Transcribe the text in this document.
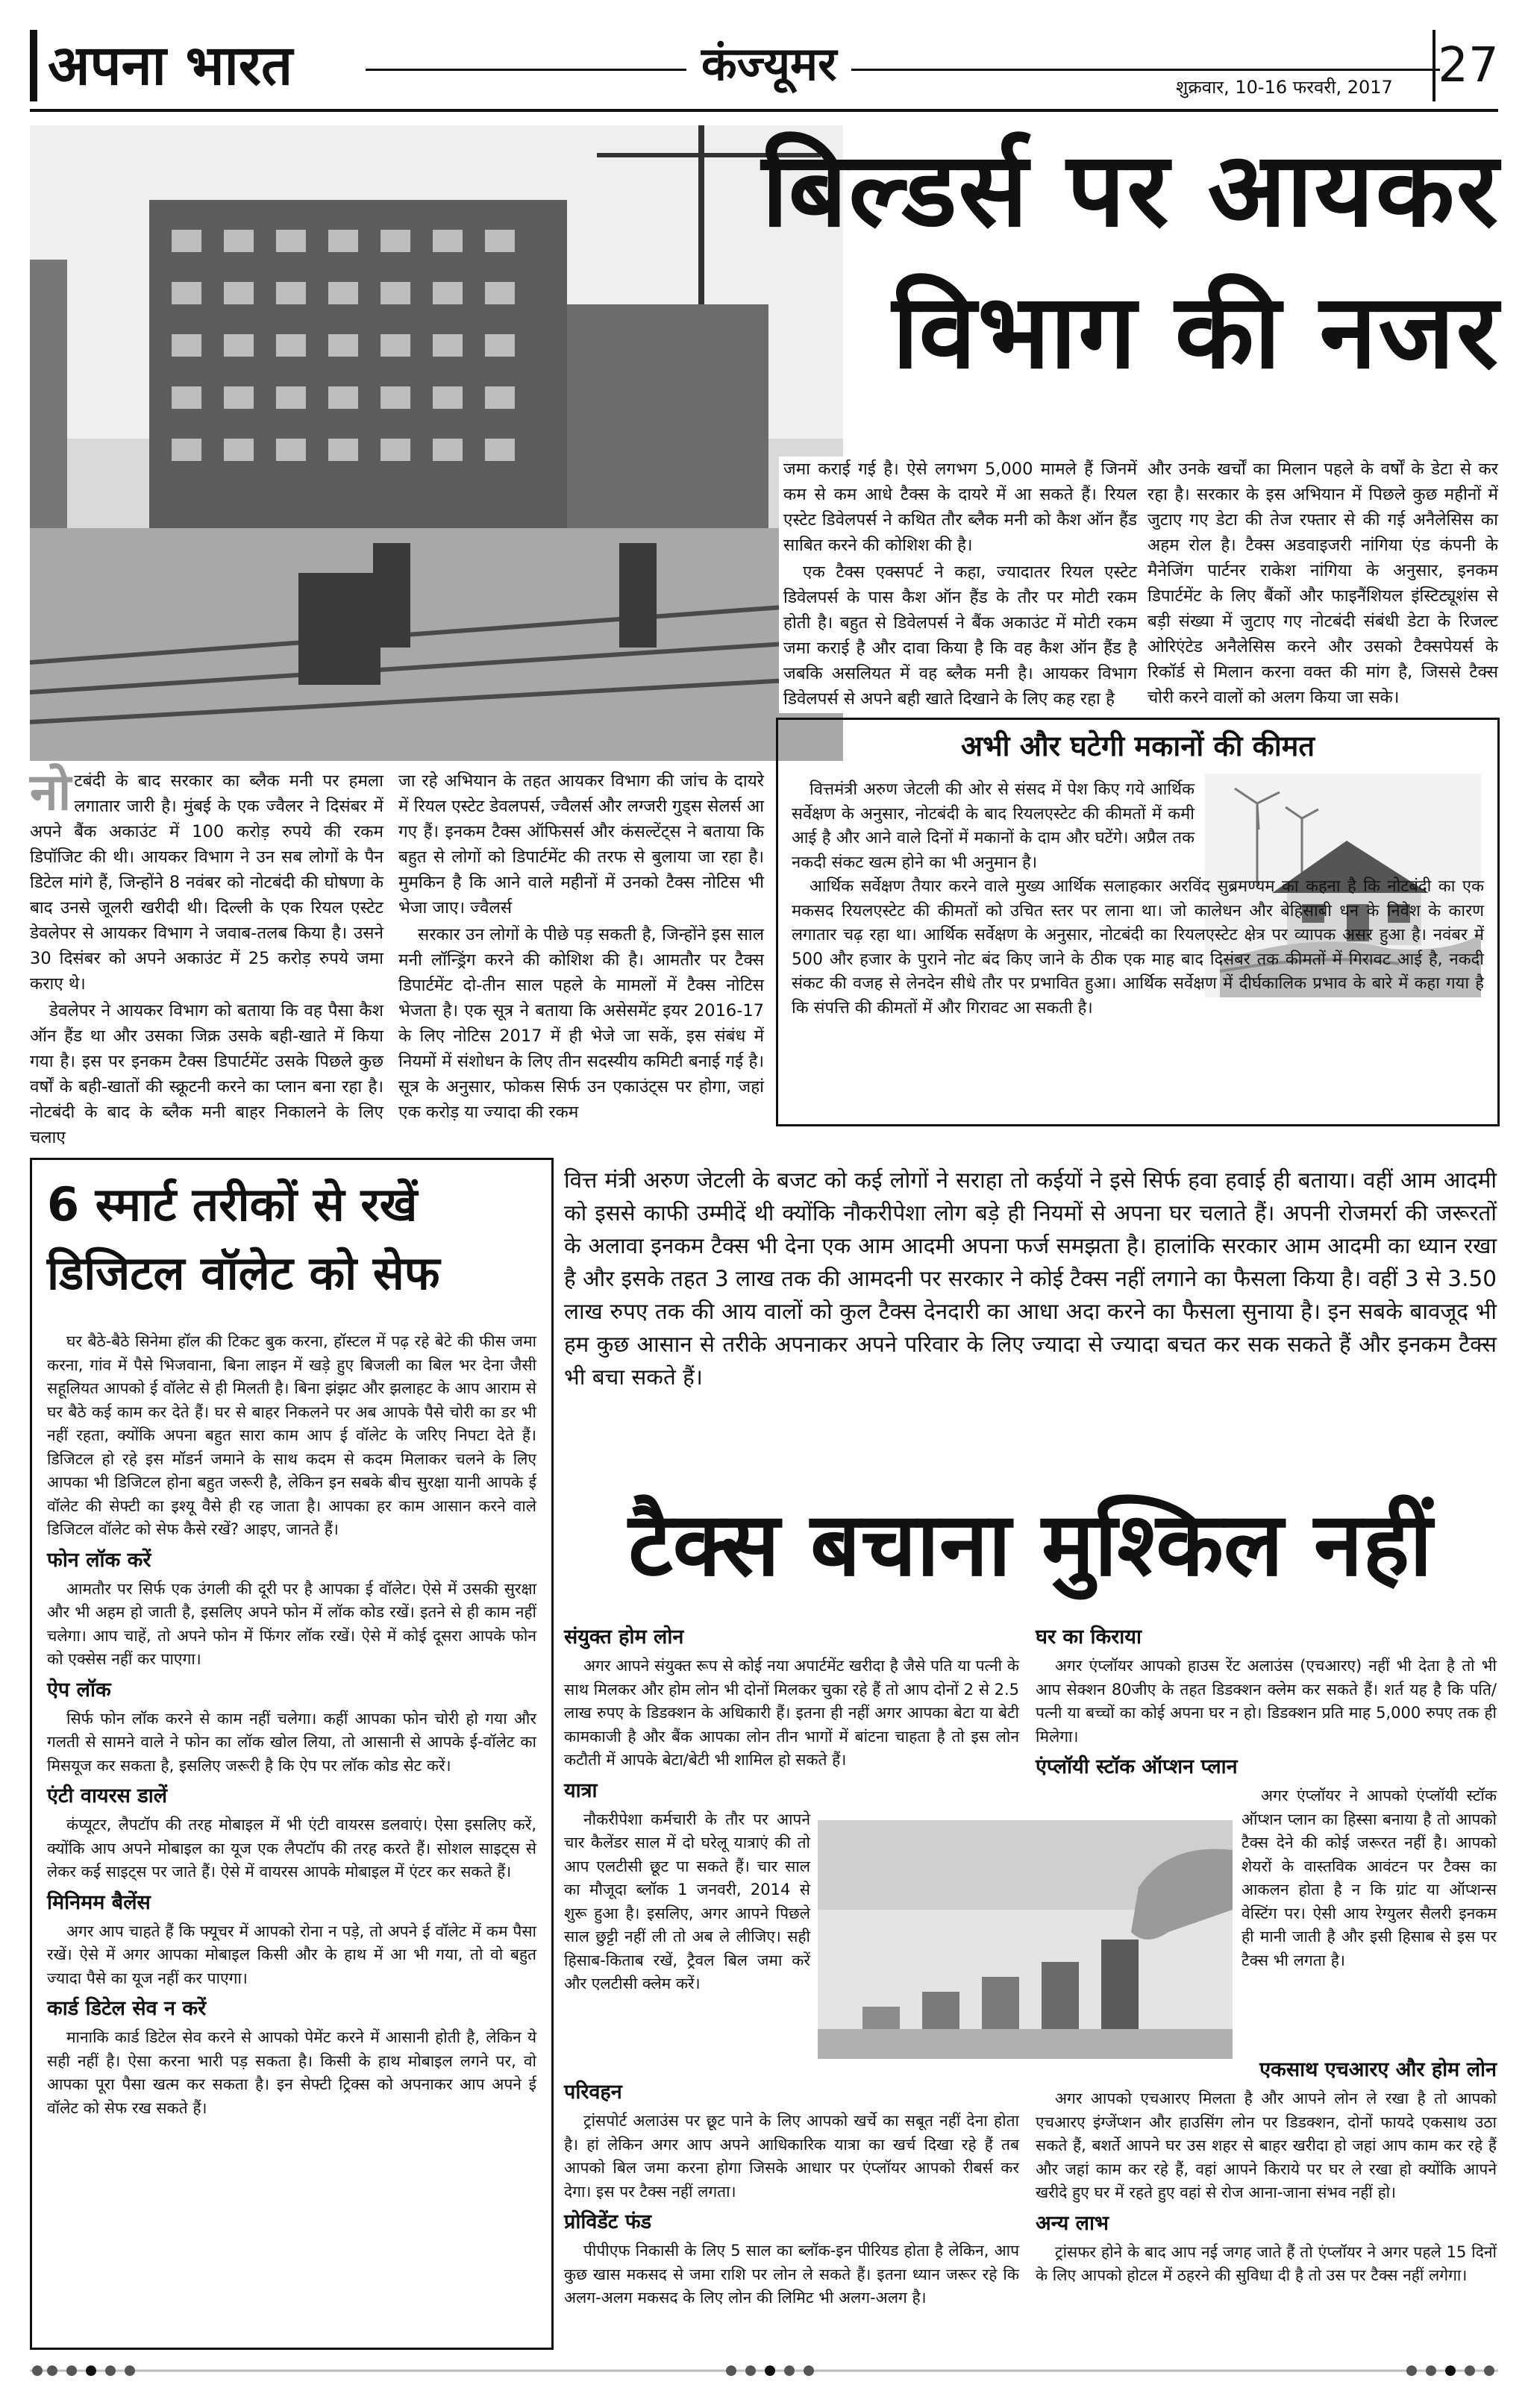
अपना भारत	कंज्यूमर	शुक्रवार, 10-16 फरवरी, 2017 27
बिल्डर्स पर आयकर
विभाग की नजर

जमा कराई गई है। ऐसे लगभग 5,000 मामले हैं जिनमें कम से कम आधे टैक्स के दायरे में आ सकते हैं। रियल एस्टेट डिवेलपर्स ने कथित तौर ब्लैक मनी को कैश ऑन हैंड साबित करने की कोशिश की है।

एक टैक्स एक्सपर्ट ने कहा, ज्यादातर रियल एस्टेट डिवेलपर्स के पास कैश ऑन हैंड के तौर पर मोटी रकम होती है। बहुत से डिवेलपर्स ने बैंक अकाउंट में मोटी रकम जमा कराई है और दावा किया है कि वह कैश ऑन हैंड है जबकि असलियत में वह ब्लैक मनी है। आयकर विभाग डिवेलपर्स से अपने बही खाते दिखाने के लिए कह रहा है

और उनके खर्चों का मिलान पहले के वर्षों के डेटा से कर रहा है। सरकार के इस अभियान में पिछले कुछ महीनों में जुटाए गए डेटा की तेज रफ्तार से की गई अनैलेसिस का अहम रोल है। टैक्स अडवाइजरी नांगिया एंड कंपनी के मैनेजिंग पार्टनर राकेश नांगिया के अनुसार, इनकम डिपार्टमेंट के लिए बैंकों और फाइनैंशियल इंस्टिट्यूशंस से बड़ी संख्या में जुटाए गए नोटबंदी संबंधी डेटा के रिजल्ट ओरिएंटेड अनैलेसिस करने और उसको टैक्सपेयर्स के रिकॉर्ड से मिलान करना वक्त की मांग है, जिससे टैक्स चोरी करने वालों को अलग किया जा सके।

नोटबंदी के बाद सरकार का ब्लैक मनी पर हमला लगातार जारी है। मुंबई के एक ज्वैलर ने दिसंबर में अपने बैंक अकाउंट में 100 करोड़ रुपये की रकम डिपॉजिट की थी। आयकर विभाग ने उन सब लोगों के पैन डिटेल मांगे हैं, जिन्होंने 8 नवंबर को नोटबंदी की घोषणा के बाद उनसे जूलरी खरीदी थी। दिल्ली के एक रियल एस्टेट डेवलेपर से आयकर विभाग ने जवाब-तलब किया है। उसने 30 दिसंबर को अपने अकाउंट में 25 करोड़ रुपये जमा कराए थे।

डेवलेपर ने आयकर विभाग को बताया कि वह पैसा कैश ऑन हैंड था और उसका जिक्र उसके बही-खाते में किया गया है। इस पर इनकम टैक्स डिपार्टमेंट उसके पिछले कुछ वर्षों के बही-खातों की स्क्रूटनी करने का प्लान बना रहा है। नोटबंदी के बाद के ब्लैक मनी बाहर निकालने के लिए चलाए

जा रहे अभियान के तहत आयकर विभाग की जांच के दायरे में रियल एस्टेट डेवलपर्स, ज्वैलर्स और लग्जरी गुड्स सेलर्स आ गए हैं। इनकम टैक्स ऑफिसर्स और कंसल्टेंट्स ने बताया कि बहुत से लोगों को डिपार्टमेंट की तरफ से बुलाया जा रहा है। मुमकिन है कि आने वाले महीनों में उनको टैक्स नोटिस भी भेजा जाए। ज्वैलर्स

सरकार उन लोगों के पीछे पड़ सकती है, जिन्होंने इस साल मनी लॉन्ड्रिंग करने की कोशिश की है। आमतौर पर टैक्स डिपार्टमेंट दो-तीन साल पहले के मामलों में टैक्स नोटिस भेजता है। एक सूत्र ने बताया कि असेसमेंट इयर 2016-17 के लिए नोटिस 2017 में ही भेजे जा सकें, इस संबंध में नियमों में संशोधन के लिए तीन सदस्यीय कमिटी बनाई गई है। सूत्र के अनुसार, फोकस सिर्फ उन एकाउंट्स पर होगा, जहां एक करोड़ या ज्यादा की रकम

अभी और घटेगी मकानों की कीमत
वित्तमंत्री अरुण जेटली की ओर से संसद में पेश किए गये आर्थिक सर्वेक्षण के अनुसार, नोटबंदी के बाद रियलएस्टेट की कीमतों में कमी आई है और आने वाले दिनों में मकानों के दाम और घटेंगे। अप्रैल तक नकदी संकट खत्म होने का भी अनुमान है।
आर्थिक सर्वेक्षण तैयार करने वाले मुख्य आर्थिक सलाहकार अरविंद सुब्रमण्यम का कहना है कि नोटबंदी का एक मकसद रियलएस्टेट की कीमतों को उचित स्तर पर लाना था। जो कालेधन और बेहिसाबी धन के निवेश के कारण लगातार चढ़ रहा था। आर्थिक सर्वेक्षण के अनुसार, नोटबंदी का रियलएस्टेट क्षेत्र पर व्यापक असर हुआ है। नवंबर में 500 और हजार के पुराने नोट बंद किए जाने के ठीक एक माह बाद दिसंबर तक कीमतों में गिरावट आई है, नकदी संकट की वजह से लेनदेन सीधे तौर पर प्रभावित हुआ। आर्थिक सर्वेक्षण में दीर्घकालिक प्रभाव के बारे में कहा गया है कि संपत्ति की कीमतों में और गिरावट आ सकती है।
6 स्मार्ट तरीकों से रखें
डिजिटल वॉलेट को सेफ

घर बैठे-बैठे सिनेमा हॉल की टिकट बुक करना, हॉस्टल में पढ़ रहे बेटे की फीस जमा करना, गांव में पैसे भिजवाना, बिना लाइन में खड़े हुए बिजली का बिल भर देना जैसी सहूलियत आपको ई वॉलेट से ही मिलती है। बिना झंझट और झलाहट के आप आराम से घर बैठे कई काम कर देते हैं। घर से बाहर निकलने पर अब आपके पैसे चोरी का डर भी नहीं रहता, क्योंकि अपना बहुत सारा काम आप ई वॉलेट के जरिए निपटा देते हैं। डिजिटल हो रहे इस मॉडर्न जमाने के साथ कदम से कदम मिलाकर चलने के लिए आपका भी डिजिटल होना बहुत जरूरी है, लेकिन इन सबके बीच सुरक्षा यानी आपके ई वॉलेट की सेफ्टी का इश्यू वैसे ही रह जाता है। आपका हर काम आसान करने वाले डिजिटल वॉलेट को सेफ कैसे रखें? आइए, जानते हैं।

फोन लॉक करें

आमतौर पर सिर्फ एक उंगली की दूरी पर है आपका ई वॉलेट। ऐसे में उसकी सुरक्षा और भी अहम हो जाती है, इसलिए अपने फोन में लॉक कोड रखें। इतने से ही काम नहीं चलेगा। आप चाहें, तो अपने फोन में फिंगर लॉक रखें। ऐसे में कोई दूसरा आपके फोन को एक्सेस नहीं कर पाएगा।

ऐप लॉक

सिर्फ फोन लॉक करने से काम नहीं चलेगा। कहीं आपका फोन चोरी हो गया और गलती से सामने वाले ने फोन का लॉक खोल लिया, तो आसानी से आपके ई-वॉलेट का मिसयूज कर सकता है, इसलिए जरूरी है कि ऐप पर लॉक कोड सेट करें।

एंटी वायरस डालें

कंप्यूटर, लैपटॉप की तरह मोबाइल में भी एंटी वायरस डलवाएं। ऐसा इसलिए करें, क्योंकि आप अपने मोबाइल का यूज एक लैपटॉप की तरह करते हैं। सोशल साइट्स से लेकर कई साइट्स पर जाते हैं। ऐसे में वायरस आपके मोबाइल में एंटर कर सकते हैं।

मिनिमम बैलेंस

अगर आप चाहते हैं कि फ्यूचर में आपको रोना न पड़े, तो अपने ई वॉलेट में कम पैसा रखें। ऐसे में अगर आपका मोबाइल किसी और के हाथ में आ भी गया, तो वो बहुत ज्यादा पैसे का यूज नहीं कर पाएगा।

कार्ड डिटेल सेव न करें

मानाकि कार्ड डिटेल सेव करने से आपको पेमेंट करने में आसानी होती है, लेकिन ये सही नहीं है। ऐसा करना भारी पड़ सकता है। किसी के हाथ मोबाइल लगने पर, वो आपका पूरा पैसा खत्म कर सकता है। इन सेफ्टी ट्रिक्स को अपनाकर आप अपने ई वॉलेट को सेफ रख सकते हैं।

वित्त मंत्री अरुण जेटली के बजट को कई लोगों ने सराहा तो कईयों ने इसे सिर्फ हवा हवाई ही बताया। वहीं आम आदमी को इससे काफी उम्मीदें थी क्योंकि नौकरीपेशा लोग बड़े ही नियमों से अपना घर चलाते हैं। अपनी रोजमर्रा की जरूरतों के अलावा इनकम टैक्स भी देना एक आम आदमी अपना फर्ज समझता है। हालांकि सरकार आम आदमी का ध्यान रखा है और इसके तहत 3 लाख तक की आमदनी पर सरकार ने कोई टैक्स नहीं लगाने का फैसला किया है। वहीं 3 से 3.50 लाख रुपए तक की आय वालों को कुल टैक्स देनदारी का आधा अदा करने का फैसला सुनाया है। इन सबके बावजूद भी हम कुछ आसान से तरीके अपनाकर अपने परिवार के लिए ज्यादा से ज्यादा बचत कर सक सकते हैं और इनकम टैक्स भी बचा सकते हैं।
टैक्स बचाना मुश्किल नहीं
संयुक्त होम लोन

अगर आपने संयुक्त रूप से कोई नया अपार्टमेंट खरीदा है जैसे पति या पत्नी के साथ मिलकर और होम लोन भी दोनों मिलकर चुका रहे हैं तो आप दोनों 2 से 2.5 लाख रुपए के डिडक्शन के अधिकारी हैं। इतना ही नहीं अगर आपका बेटा या बेटी कामकाजी है और बैंक आपका लोन तीन भागों में बांटना चाहता है तो इस लोन कटौती में आपके बेटा/बेटी भी शामिल हो सकते हैं।

यात्रा

नौकरीपेशा कर्मचारी के तौर पर आपने चार कैलेंडर साल में दो घरेलू यात्राएं की तो आप एलटीसी छूट पा सकते हैं। चार साल का मौजूदा ब्लॉक 1 जनवरी, 2014 से शुरू हुआ है। इसलिए, अगर आपने पिछले साल छुट्टी नहीं ली तो अब ले लीजिए। सही हिसाब-किताब रखें, ट्रैवल बिल जमा करें और एलटीसी क्लेम करें।

परिवहन

ट्रांसपोर्ट अलाउंस पर छूट पाने के लिए आपको खर्चे का सबूत नहीं देना होता है। हां लेकिन अगर आप अपने आधिकारिक यात्रा का खर्च दिखा रहे हैं तब आपको बिल जमा करना होगा जिसके आधार पर एंप्लॉयर आपको रीबर्स कर देगा। इस पर टैक्स नहीं लगता।

प्रोविडेंट फंड

पीपीएफ निकासी के लिए 5 साल का ब्लॉक-इन पीरियड होता है लेकिन, आप कुछ खास मकसद से जमा राशि पर लोन ले सकते हैं। इतना ध्यान जरूर रहे कि अलग-अलग मकसद के लिए लोन की लिमिट भी अलग-अलग है।

घर का किराया

अगर एंप्लॉयर आपको हाउस रेंट अलाउंस (एचआरए) नहीं भी देता है तो भी आप सेक्शन 80जीए के तहत डिडक्शन क्लेम कर सकते हैं। शर्त यह है कि पति/पत्नी या बच्चों का कोई अपना घर न हो। डिडक्शन प्रति माह 5,000 रुपए तक ही मिलेगा।

एंप्लॉयी स्टॉक ऑप्शन प्लान

अगर एंप्लॉयर ने आपको एंप्लॉयी स्टॉक ऑप्शन प्लान का हिस्सा बनाया है तो आपको टैक्स देने की कोई जरूरत नहीं है। आपको शेयरों के वास्तविक आवंटन पर टैक्स का आकलन होता है न कि ग्रांट या ऑप्शन्स वेस्टिंग पर। ऐसी आय रेग्युलर सैलरी इनकम ही मानी जाती है और इसी हिसाब से इस पर टैक्स भी लगता है।

एकसाथ एचआरए और होम लोन

अगर आपको एचआरए मिलता है और आपने लोन ले रखा है तो आपको एचआरए इंग्जेंप्शन और हाउसिंग लोन पर डिडक्शन, दोनों फायदे एकसाथ उठा सकते हैं, बशर्ते आपने घर उस शहर से बाहर खरीदा हो जहां आप काम कर रहे हैं और जहां काम कर रहे हैं, वहां आपने किराये पर घर ले रखा हो क्योंकि आपने खरीदे हुए घर में रहते हुए वहां से रोज आना-जाना संभव नहीं हो।

अन्य लाभ

ट्रांसफर होने के बाद आप नई जगह जाते हैं तो एंप्लॉयर ने अगर पहले 15 दिनों के लिए आपको होटल में ठहरने की सुविधा दी है तो उस पर टैक्स नहीं लगेगा।
